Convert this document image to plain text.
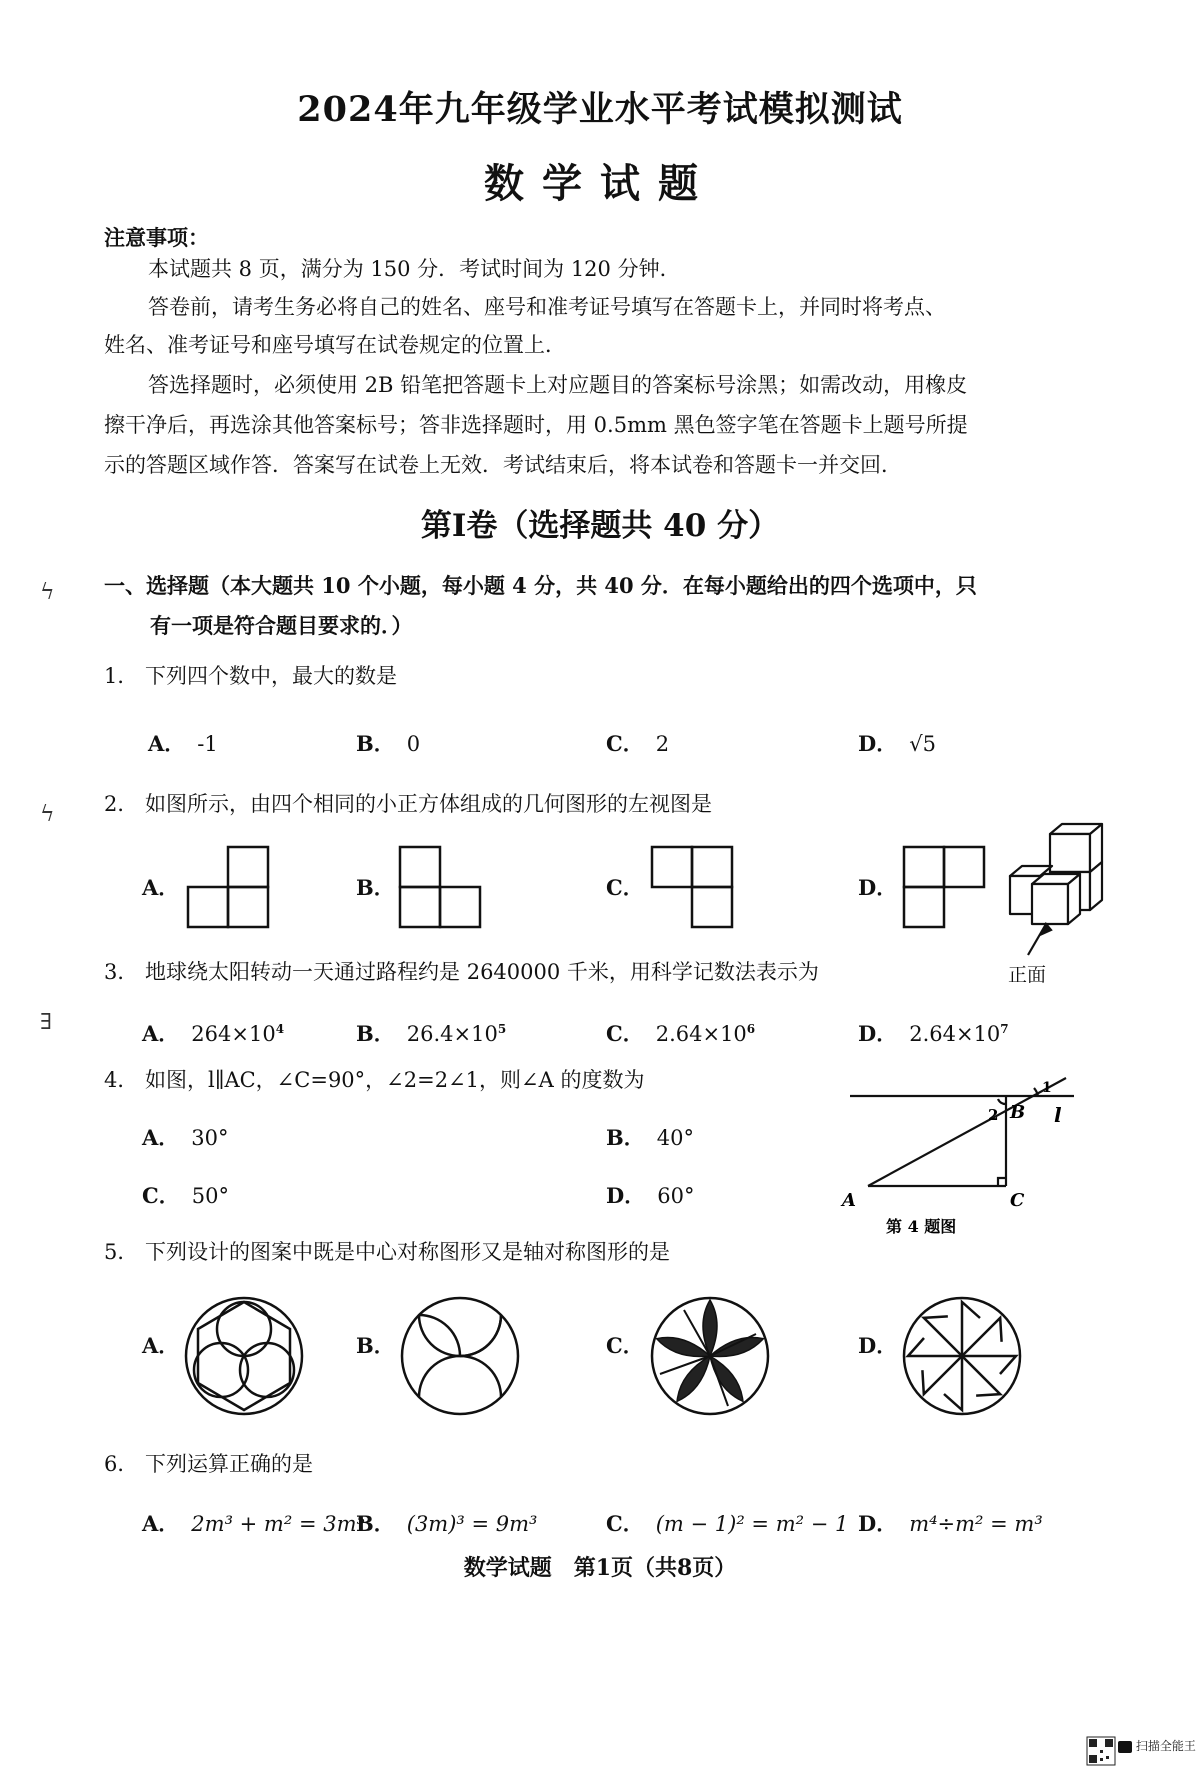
2024年九年级学业水平考试模拟测试
数学试题
注意事项：
本试题共 8 页，满分为 150 分．考试时间为 120 分钟．
答卷前，请考生务必将自己的姓名、座号和准考证号填写在答题卡上，并同时将考点、
姓名、准考证号和座号填写在试卷规定的位置上．
答选择题时，必须使用 2B 铅笔把答题卡上对应题目的答案标号涂黑；如需改动，用橡皮
擦干净后，再选涂其他答案标号；答非选择题时，用 0.5mm 黑色签字笔在答题卡上题号所提
示的答题区域作答．答案写在试卷上无效．考试结束后，将本试卷和答题卡一并交回．
第Ⅰ卷（选择题共 40 分）
ϟ
ϟ
∃
一、选择题（本大题共 10 个小题，每小题 4 分，共 40 分．在每小题给出的四个选项中，只
有一项是符合题目要求的．）
1． 下列四个数中，最大的数是
A． -1	B． 0	C． 2	D． √5
2． 如图所示，由四个相同的小正方体组成的几何图形的左视图是
A．	B．	C．	D．
正面
3． 地球绕太阳转动一天通过路程约是 2640000 千米，用科学记数法表示为
A． $264\times 10^4$	B． $26.4\times 10^5$	C． $2.64\times 10^6$	D． $2.64\times 10^7$
4． 如图，l∥AC，∠C=90°，∠2=2∠1，则∠A 的度数为
A． 30°	B． 40°
C． 50°	D． 60°	A
B
C
l
2
1
第 4 题图
5． 下列设计的图案中既是中心对称图形又是轴对称图形的是
A．	B．	C．	D．
6． 下列运算正确的是
A． 2m³ + m² = 3m⁵
B． (3m)³ = 9m³	C． (m − 1)² = m² − 1 D． m⁴÷m² = m³
数学试题　第1页（共8页）
扫描全能王
